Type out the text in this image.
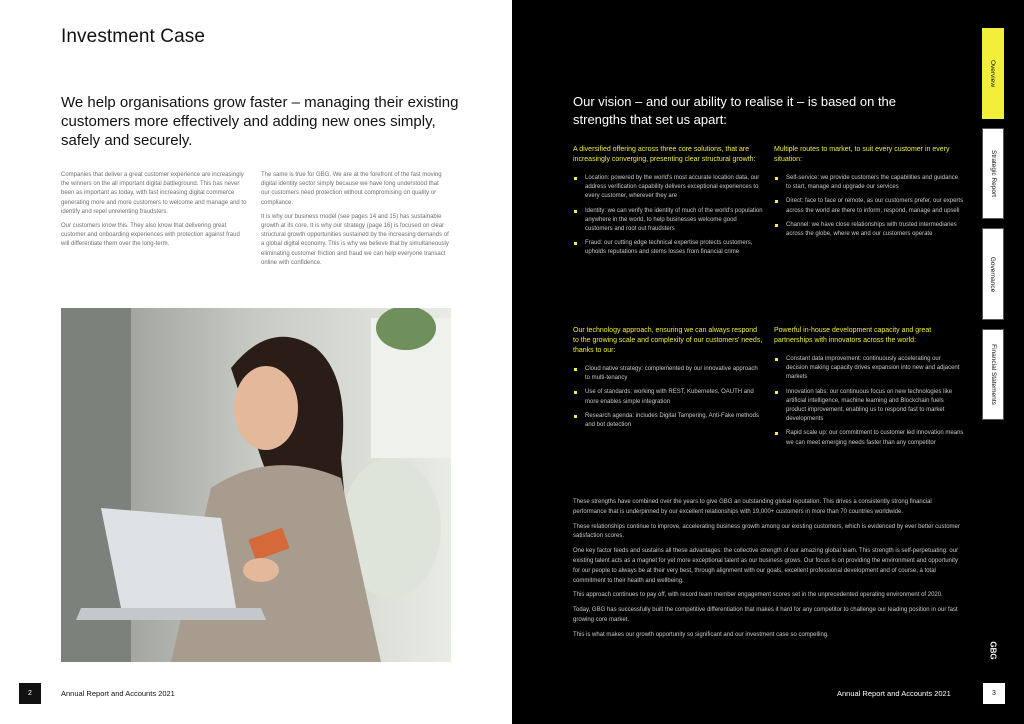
Investment Case
We help organisations grow faster – managing their existing customers more effectively and adding new ones simply, safely and securely.

Companies that deliver a great customer experience are increasingly the winners on the all important digital battleground. This has never been as important as today, with fast increasing digital commerce generating more and more customers to welcome and manage and to identify and repel unrelenting fraudsters.

Our customers know this. They also know that delivering great customer and onboarding experiences with protection against fraud will differentiate them over the long-term.

The same is true for GBG. We are at the forefront of the fast moving digital identity sector simply because we have long understood that our customers need protection without compromising on quality or compliance.

It is why our business model (see pages 14 and 15) has sustainable growth at its core. It is why our strategy (page 16) is focused on clear structural growth opportunities sustained by the increasing demands of a global digital economy. This is why we believe that by simultaneously eliminating customer friction and fraud we can help everyone transact online with confidence.

2	Annual Report and Accounts 2021
Our vision – and our ability to realise it – is based on the strengths that set us apart:
A diversified offering across three core solutions, that are increasingly converging, presenting clear structural growth:
Location: powered by the world's most accurate location data, our address verification capability delivers exceptional experiences to every customer, wherever they are
Identity: we can verify the identity of much of the world's population anywhere in the world, to help businesses welcome good customers and root out fraudsters
Fraud: our cutting edge technical expertise protects customers, upholds reputations and stems losses from financial crime
Multiple routes to market, to suit every customer in every situation:
Self-service: we provide customers the capabilities and guidance to start, manage and upgrade our services
Direct: face to face or remote, as our customers prefer, our experts across the world are there to inform, respond, manage and upsell
Channel: we have close relationships with trusted intermediaries across the globe, where we and our customers operate
Our technology approach, ensuring we can always respond to the growing scale and complexity of our customers' needs, thanks to our:
Cloud native strategy: complemented by our innovative approach to multi-tenancy
Use of standards: working with REST, Kubernetes, OAUTH and more enables simple integration
Research agenda: includes Digital Tampering, Anti-Fake methods and bot detection
Powerful in-house development capacity and great partnerships with innovators across the world:
Constant data improvement: continuously accelerating our decision making capacity drives expansion into new and adjacent markets
Innovation labs: our continuous focus on new technologies like artificial intelligence, machine learning and Blockchain fuels product improvement, enabling us to respond fast to market developments
Rapid scale up: our commitment to customer led innovation means we can meet emerging needs faster than any competitor

These strengths have combined over the years to give GBG an outstanding global reputation. This drives a consistently strong financial performance that is underpinned by our excellent relationships with 19,000+ customers in more than 70 countries worldwide.

These relationships continue to improve, accelerating business growth among our existing customers, which is evidenced by ever better customer satisfaction scores.

One key factor feeds and sustains all these advantages: the collective strength of our amazing global team. This strength is self-perpetuating: our existing talent acts as a magnet for yet more exceptional talent as our business grows. Our focus is on providing the environment and opportunity for our people to always be at their very best, through alignment with our goals, excellent professional development and of course, a total commitment to their health and wellbeing.

This approach continues to pay off, with record team member engagement scores set in the unprecedented operating environment of 2020.

Today, GBG has successfully built the competitive differentiation that makes it hard for any competitor to challenge our leading position in our fast growing core market.

This is what makes our growth opportunity so significant and our investment case so compelling.

Overview
Strategic Report
Governance
Financial Statements
GBG
Annual Report and Accounts 2021	3
